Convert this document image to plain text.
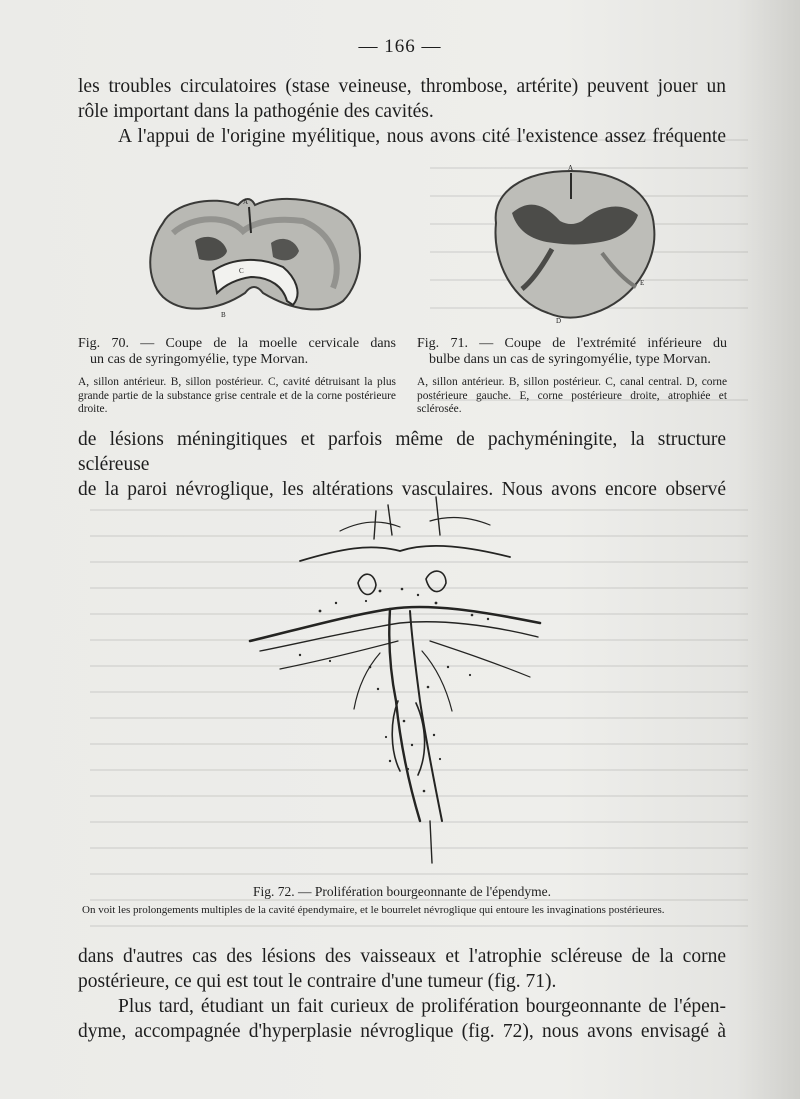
— 166 —

les troubles circulatoires (stase veineuse, thrombose, artérite) peuvent jouer un
rôle important dans la pathogénie des cavités.
A l'appui de l'origine myélitique, nous avons cité l'existence assez fréquente

A
B
C
A
D
E
Fig. 70. — Coupe de la moelle cervicale dans
un cas de syringomyélie, type Morvan.
A, sillon antérieur. B, sillon postérieur. C, cavité détruisant la plus grande partie de la substance grise centrale et de la corne postérieure droite.
Fig. 71. — Coupe de l'extrémité inférieure du
bulbe dans un cas de syringomyélie, type Morvan.
A, sillon antérieur. B, sillon postérieur. C, canal central. D, corne postérieure gauche. E, corne postérieure droite, atrophiée et sclérosée.

de lésions méningitiques et parfois même de pachyméningite, la structure scléreuse
de la paroi névroglique, les altérations vasculaires. Nous avons encore observé

Fig. 72. — Prolifération bourgeonnante de l'épendyme.
On voit les prolongements multiples de la cavité épendymaire, et le bourrelet névroglique qui entoure les invaginations postérieures.

dans d'autres cas des lésions des vaisseaux et l'atrophie scléreuse de la corne
postérieure, ce qui est tout le contraire d'une tumeur (fig. 71).
Plus tard, étudiant un fait curieux de prolifération bourgeonnante de l'épen-
dyme, accompagnée d'hyperplasie névroglique (fig. 72), nous avons envisagé à
